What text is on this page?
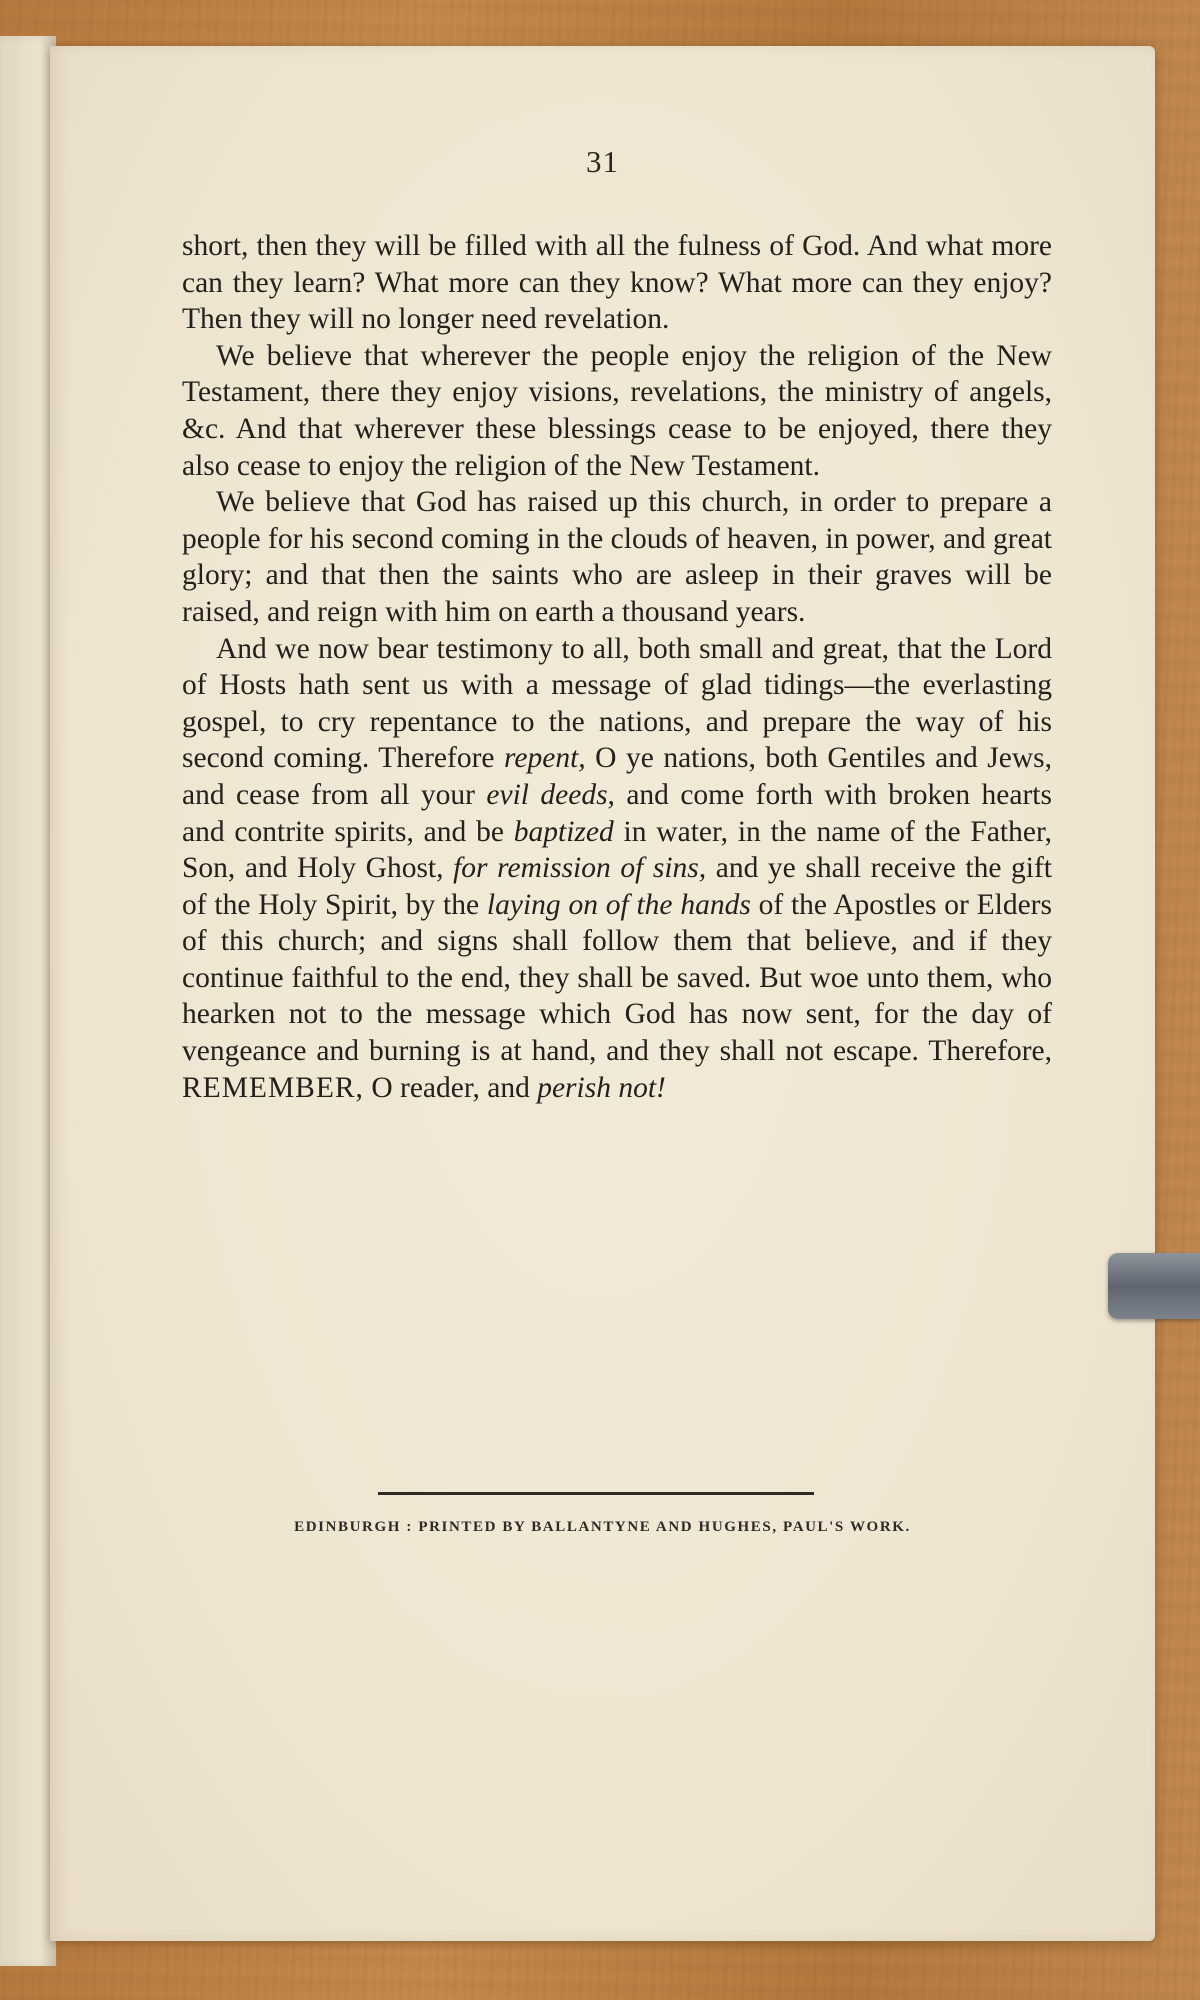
31

short, then they will be filled with all the fulness of God. And what more can they learn? What more can they know? What more can they enjoy? Then they will no longer need revelation.

We believe that wherever the people enjoy the religion of the New Testament, there they enjoy visions, revelations, the ministry of angels, &c. And that wherever these blessings cease to be enjoyed, there they also cease to enjoy the religion of the New Testament.

We believe that God has raised up this church, in order to prepare a people for his second coming in the clouds of heaven, in power, and great glory; and that then the saints who are asleep in their graves will be raised, and reign with him on earth a thousand years.

And we now bear testimony to all, both small and great, that the Lord of Hosts hath sent us with a message of glad tidings—the everlasting gospel, to cry repentance to the nations, and prepare the way of his second coming. Therefore repent, O ye nations, both Gentiles and Jews, and cease from all your evil deeds, and come forth with broken hearts and contrite spirits, and be baptized in water, in the name of the Father, Son, and Holy Ghost, for remission of sins, and ye shall receive the gift of the Holy Spirit, by the laying on of the hands of the Apostles or Elders of this church; and signs shall follow them that believe, and if they continue faithful to the end, they shall be saved. But woe unto them, who hearken not to the message which God has now sent, for the day of vengeance and burning is at hand, and they shall not escape. Therefore, REMEMBER, O reader, and perish not!

EDINBURGH : PRINTED BY BALLANTYNE AND HUGHES, PAUL'S WORK.
